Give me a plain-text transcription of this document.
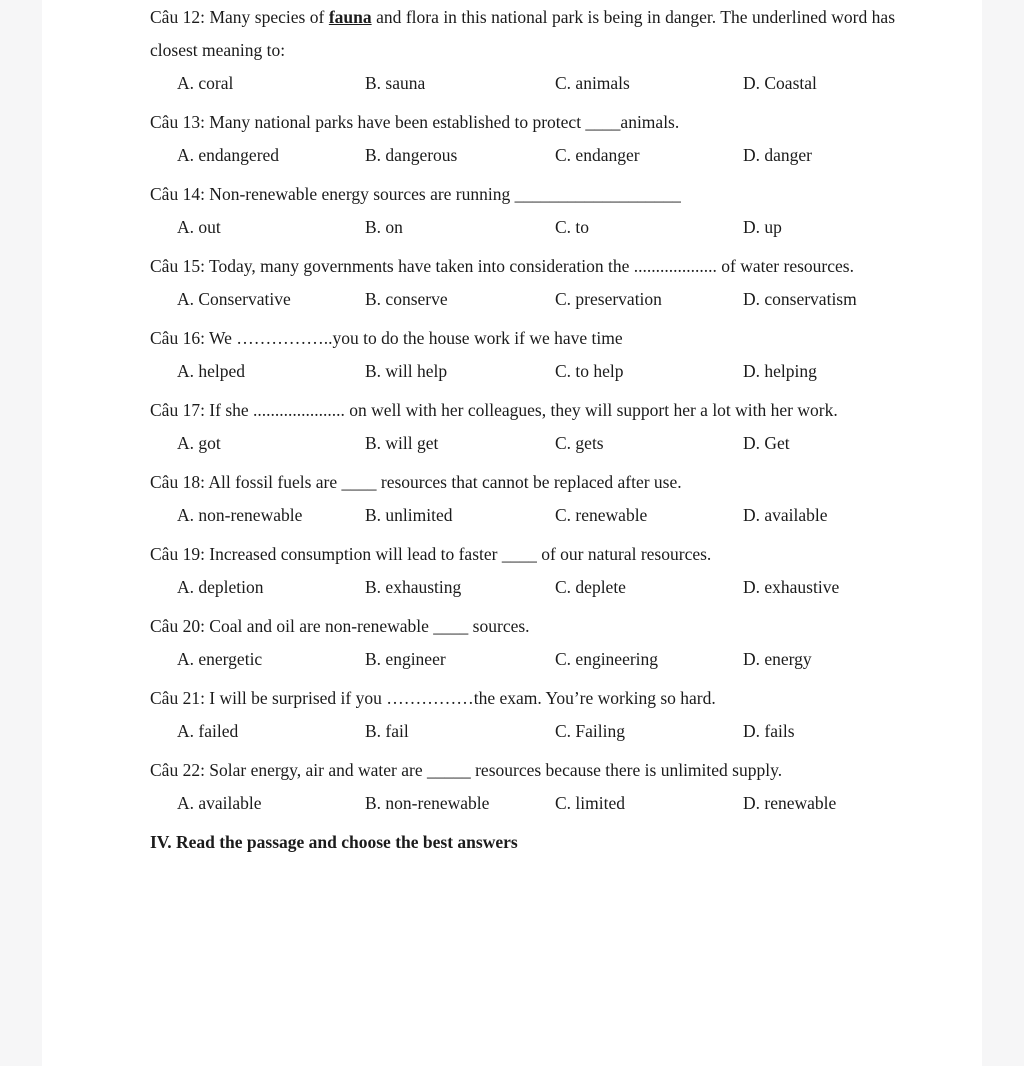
Câu 12: Many species of fauna and flora in this national park is being in danger. The underlined word has closest meaning to:

A. coral	B. sauna	C. animals	D. Coastal

Câu 13: Many national parks have been established to protect ____animals.

A. endangered	B. dangerous	C. endanger	D. danger

Câu 14: Non-renewable energy sources are running ___________________

A. out	B. on	C. to	D. up

Câu 15: Today, many governments have taken into consideration the ................... of water resources.

A. Conservative	B. conserve	C. preservation	D. conservatism

Câu 16: We ……………..you to do the house work if we have time

A. helped	B. will help	C. to help	D. helping

Câu 17: If she ..................... on well with her colleagues, they will support her a lot with her work.

A. got	B. will get	C. gets	D. Get

Câu 18: All fossil fuels are ____ resources that cannot be replaced after use.

A. non-renewable	B. unlimited	C. renewable	D. available

Câu 19: Increased consumption will lead to faster ____ of our natural resources.

A. depletion	B. exhausting	C. deplete	D. exhaustive

Câu 20: Coal and oil are non-renewable ____ sources.

A. energetic	B. engineer	C. engineering	D. energy

Câu 21: I will be surprised if you ……………the exam. You’re working so hard.

A. failed	B. fail	C. Failing	D. fails

Câu 22: Solar energy, air and water are _____ resources because there is unlimited supply.

A. available	B. non-renewable	C. limited	D. renewable

IV. Read the passage and choose the best answers
